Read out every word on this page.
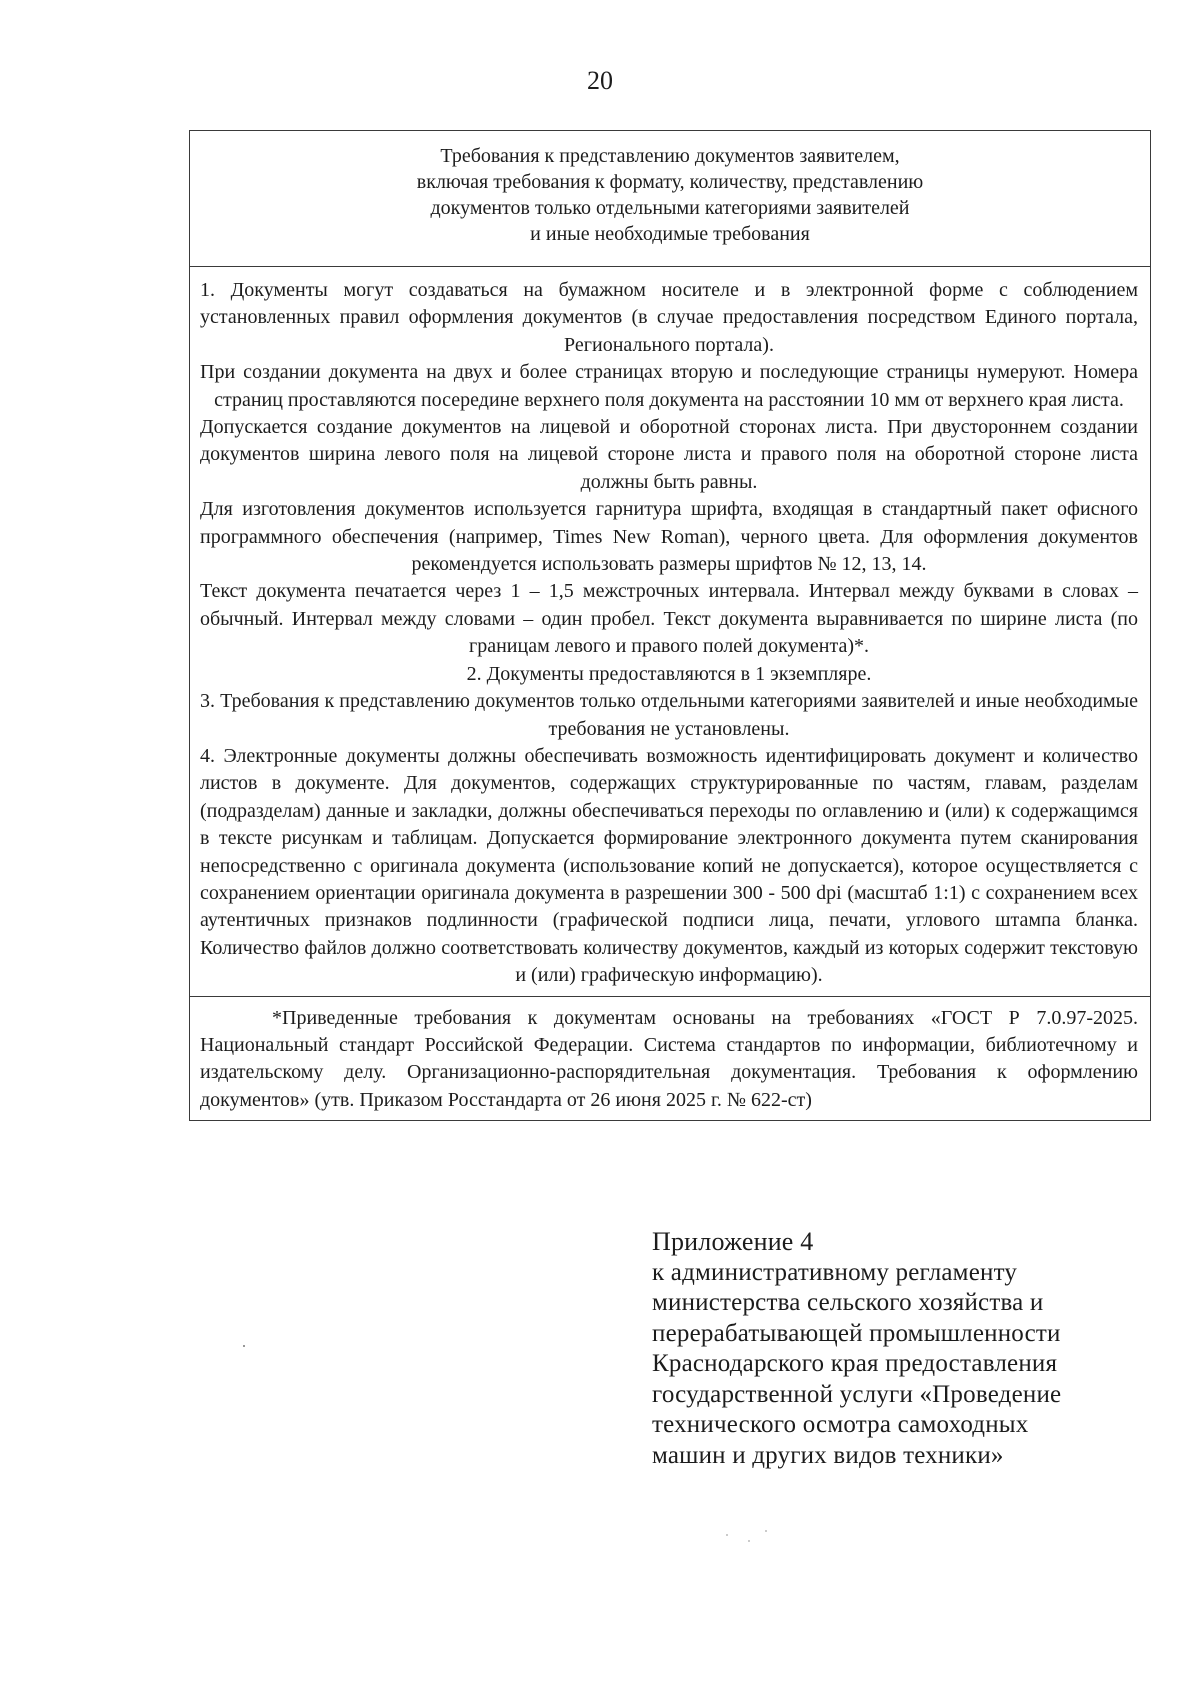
20
Требования к представлению документов заявителем,
включая требования к формату, количеству, представлению
документов только отдельными категориями заявителей
и иные необходимые требования

1. Документы могут создаваться на бумажном носителе и в электронной форме с соблюдением установленных правил оформления документов (в случае предоставления посредством Единого портала, Регионального портала).

При создании документа на двух и более страницах вторую и последующие страницы нумеруют. Номера страниц проставляются посередине верхнего поля документа на расстоянии 10 мм от верхнего края листа.

Допускается создание документов на лицевой и оборотной сторонах листа. При двустороннем создании документов ширина левого поля на лицевой стороне листа и правого поля на оборотной стороне листа должны быть равны.

Для изготовления документов используется гарнитура шрифта, входящая в стандартный пакет офисного программного обеспечения (например, Times New Roman), черного цвета. Для оформления документов рекомендуется использовать размеры шрифтов № 12, 13, 14.

Текст документа печатается через 1 – 1,5 межстрочных интервала. Интервал между буквами в словах – обычный. Интервал между словами – один пробел. Текст документа выравнивается по ширине листа (по границам левого и правого полей документа)*.

2. Документы предоставляются в 1 экземпляре.

3. Требования к представлению документов только отдельными категориями заявителей и иные необходимые требования не установлены.

4. Электронные документы должны обеспечивать возможность идентифицировать документ и количество листов в документе. Для документов, содержащих структурированные по частям, главам, разделам (подразделам) данные и закладки, должны обеспечиваться переходы по оглавлению и (или) к содержащимся в тексте рисункам и таблицам. Допускается формирование электронного документа путем сканирования непосредственно с оригинала документа (использование копий не допускается), которое осуществляется с сохранением ориентации оригинала документа в разрешении 300 - 500 dpi (масштаб 1:1) с сохранением всех аутентичных признаков подлинности (графической подписи лица, печати, углового штампа бланка. Количество файлов должно соответствовать количеству документов, каждый из которых содержит текстовую и (или) графическую информацию).

*Приведенные требования к документам основаны на требованиях «ГОСТ Р 7.0.97-2025. Национальный стандарт Российской Федерации. Система стандартов по информации, библиотечному и издательскому делу. Организационно-распорядительная документация. Требования к оформлению документов» (утв. Приказом Росстандарта от 26 июня 2025 г. № 622-ст)

Приложение 4
к административному регламенту
министерства сельского хозяйства и
перерабатывающей промышленности
Краснодарского края предоставления
государственной услуги «Проведение
технического осмотра самоходных
машин и других видов техники»
